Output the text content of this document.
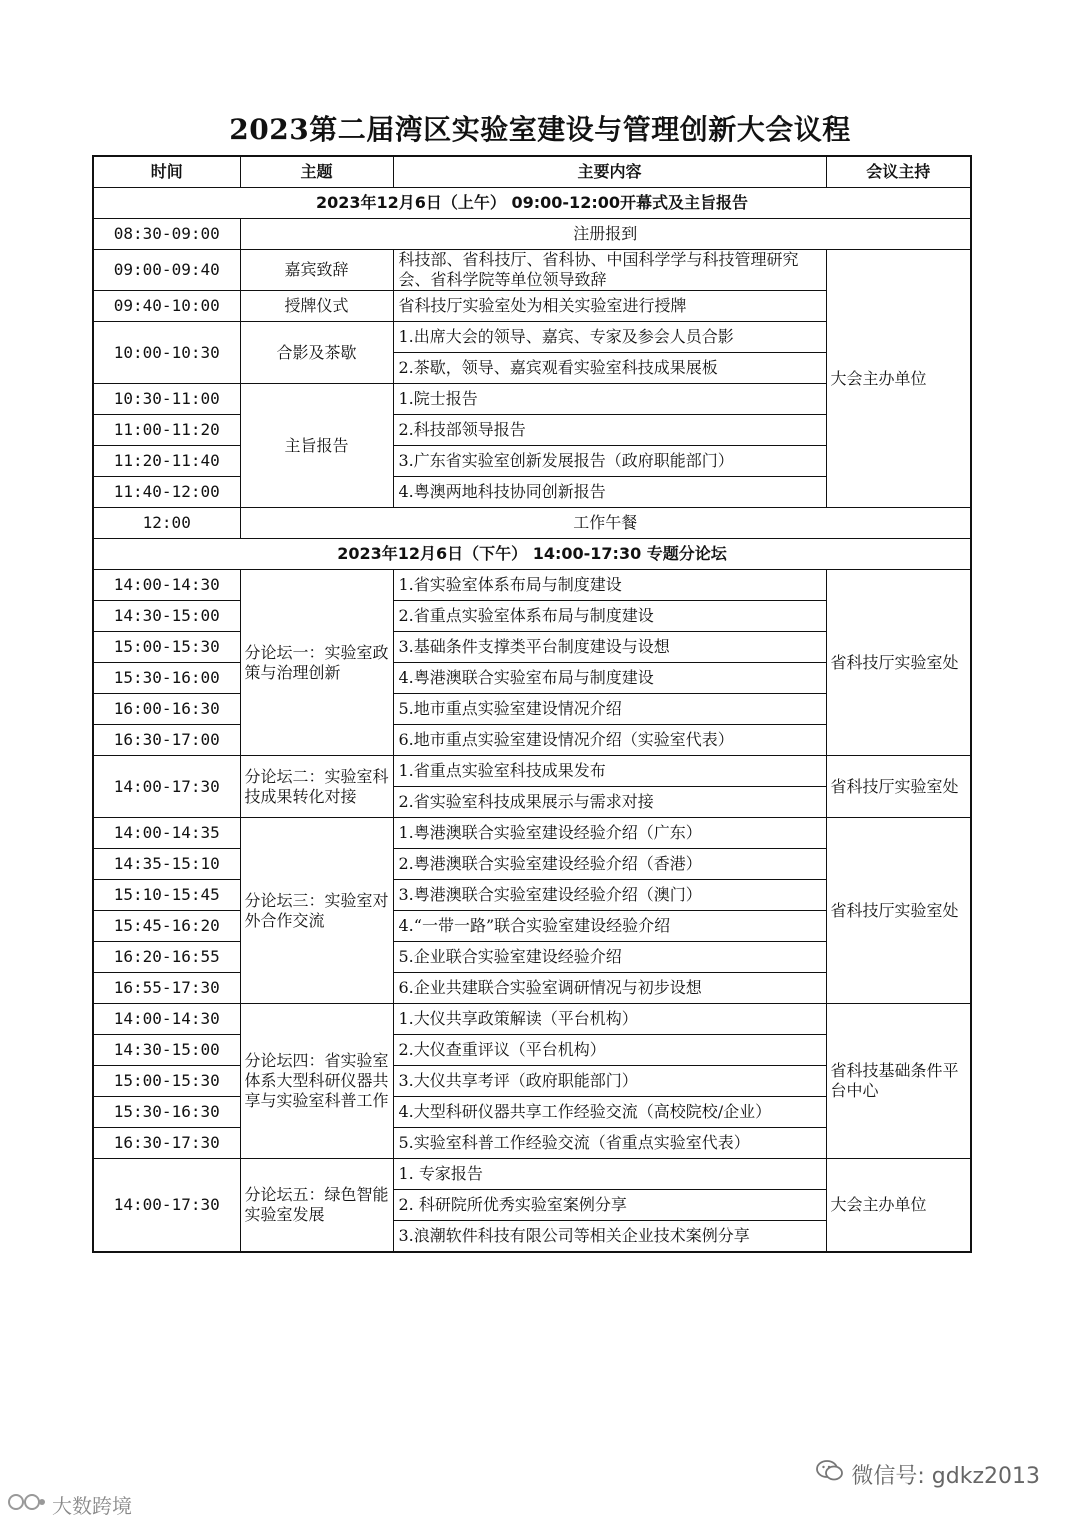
2023第二届湾区实验室建设与管理创新大会议程
时间	主题	主要内容	会议主持
2023年12月6日（上午） 09:00-12:00开幕式及主旨报告			
08:30-09:00	注册报到		
09:00-09:40	嘉宾致辞	科技部、省科技厅、省科协、中国科学学与科技管理研究会、省科学院等单位领导致辞	大会主办单位
09:40-10:00	授牌仪式	省科技厅实验室处为相关实验室进行授牌	
10:00-10:30	合影及茶歇	1.出席大会的领导、嘉宾、专家及参会人员合影	
		2.茶歇，领导、嘉宾观看实验室科技成果展板	
10:30-11:00	主旨报告	1.院士报告	
11:00-11:20		2.科技部领导报告	
11:20-11:40		3.广东省实验室创新发展报告（政府职能部门）	
11:40-12:00		4.粤澳两地科技协同创新报告	
12:00	工作午餐		
2023年12月6日（下午） 14:00-17:30 专题分论坛			
14:00-14:30	分论坛一：实验室政策与治理创新	1.省实验室体系布局与制度建设	省科技厅实验室处
14:30-15:00		2.省重点实验室体系布局与制度建设	
15:00-15:30		3.基础条件支撑类平台制度建设与设想	
15:30-16:00		4.粤港澳联合实验室布局与制度建设	
16:00-16:30		5.地市重点实验室建设情况介绍	
16:30-17:00		6.地市重点实验室建设情况介绍（实验室代表）	
14:00-17:30	分论坛二：实验室科技成果转化对接	1.省重点实验室科技成果发布	省科技厅实验室处
		2.省实验室科技成果展示与需求对接	
14:00-14:35	分论坛三：实验室对外合作交流	1.粤港澳联合实验室建设经验介绍（广东）	省科技厅实验室处
14:35-15:10		2.粤港澳联合实验室建设经验介绍（香港）	
15:10-15:45		3.粤港澳联合实验室建设经验介绍（澳门）	
15:45-16:20		4.“一带一路”联合实验室建设经验介绍	
16:20-16:55		5.企业联合实验室建设经验介绍	
16:55-17:30		6.企业共建联合实验室调研情况与初步设想	
14:00-14:30	分论坛四：省实验室体系大型科研仪器共享与实验室科普工作	1.大仪共享政策解读（平台机构）	省科技基础条件平台中心
14:30-15:00		2.大仪查重评议（平台机构）	
15:00-15:30		3.大仪共享考评（政府职能部门）	
15:30-16:30		4.大型科研仪器共享工作经验交流（高校院校/企业）	
16:30-17:30		5.实验室科普工作经验交流（省重点实验室代表）	
14:00-17:30	分论坛五：绿色智能实验室发展	1. 专家报告	大会主办单位
		2. 科研院所优秀实验室案例分享	
		3.浪潮软件科技有限公司等相关企业技术案例分享	
微信号: gdkz2013
大数跨境
